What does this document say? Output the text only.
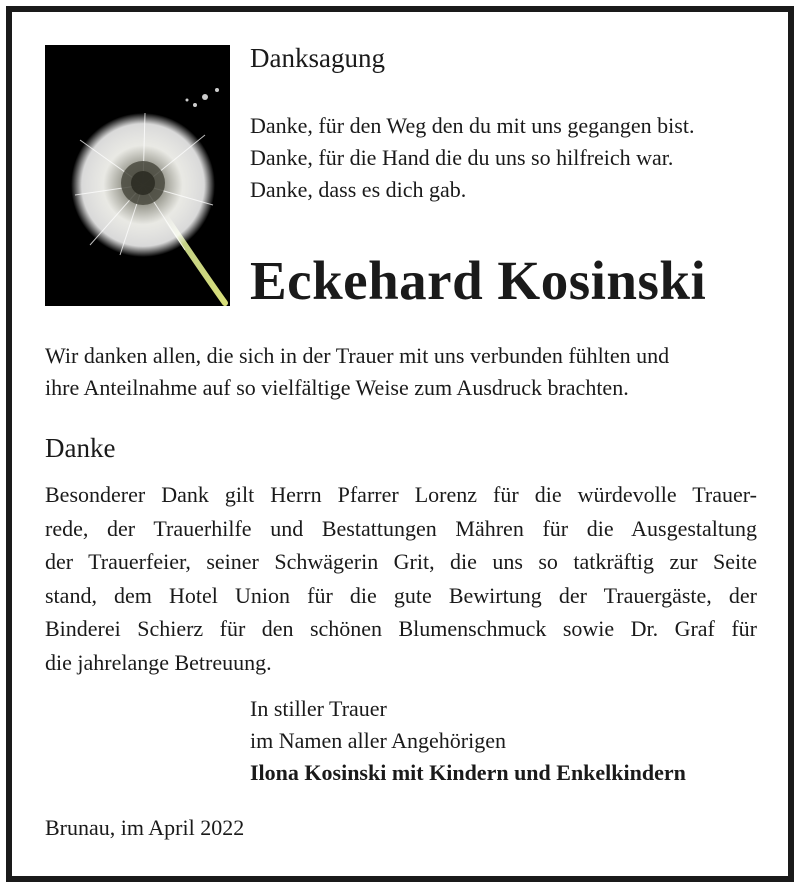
Danksagung
Danke, für den Weg den du mit uns gegangen bist.
Danke, für die Hand die du uns so hilfreich war.
Danke, dass es dich gab.
Eckehard Kosinski
Wir danken allen, die sich in der Trauer mit uns verbunden fühlten und
ihre Anteilnahme auf so vielfältige Weise zum Ausdruck brachten.
Danke
Besonderer Dank gilt Herrn Pfarrer Lorenz für die würdevolle Trauer-
rede, der Trauerhilfe und Bestattungen Mähren für die Ausgestaltung
der Trauerfeier, seiner Schwägerin Grit, die uns so tatkräftig zur Seite
stand, dem Hotel Union für die gute Bewirtung der Trauergäste, der
Binderei Schierz für den schönen Blumenschmuck sowie Dr. Graf für
die jahrelange Betreuung.
In stiller Trauer
im Namen aller Angehörigen
Ilona Kosinski mit Kindern und Enkelkindern
Brunau, im April 2022
